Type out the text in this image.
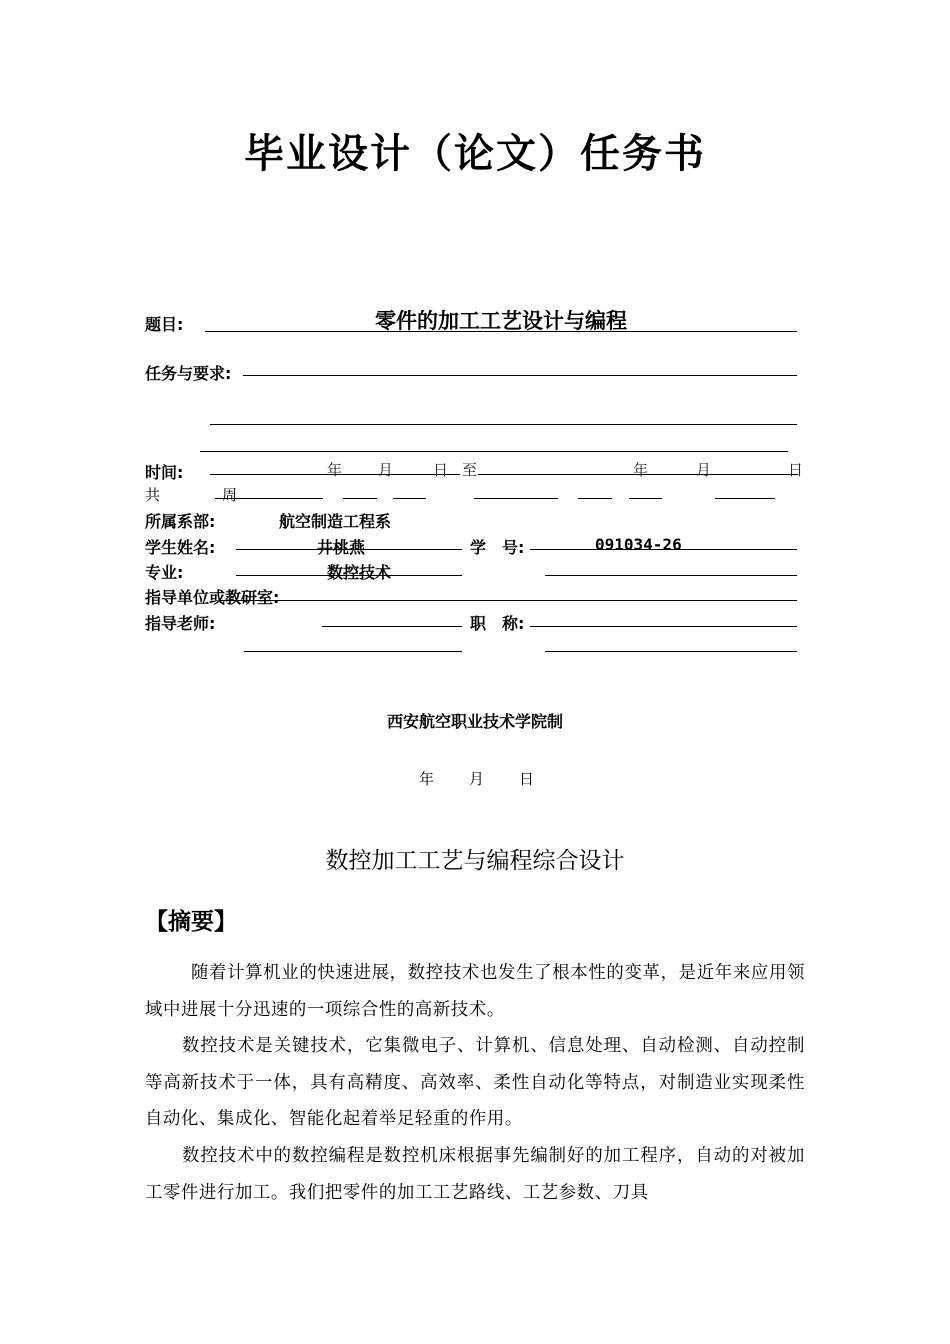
毕业设计（论文）任务书
题目:	零件的加工工艺设计与编程
任务与要求:
时间:	年 月	日 至	年	月	日
共	周
所属系部:	航空制造工程系
学生姓名:	井桃燕	学　号:	091034-26
专业:	数控技术
指导单位或教研室:
指导老师:	职　称:
西安航空职业技术学院制
年 月 日
数控加工工艺与编程综合设计
【摘要】
随着计算机业的快速进展，数控技术也发生了根本性的变革，是近年来应用领域中进展十分迅速的一项综合性的高新技术。
数控技术是关键技术，它集微电子、计算机、信息处理、自动检测、自动控制等高新技术于一体，具有高精度、高效率、柔性自动化等特点，对制造业实现柔性自动化、集成化、智能化起着举足轻重的作用。
数控技术中的数控编程是数控机床根据事先编制好的加工程序，自动的对被加工零件进行加工。我们把零件的加工工艺路线、工艺参数、刀具
